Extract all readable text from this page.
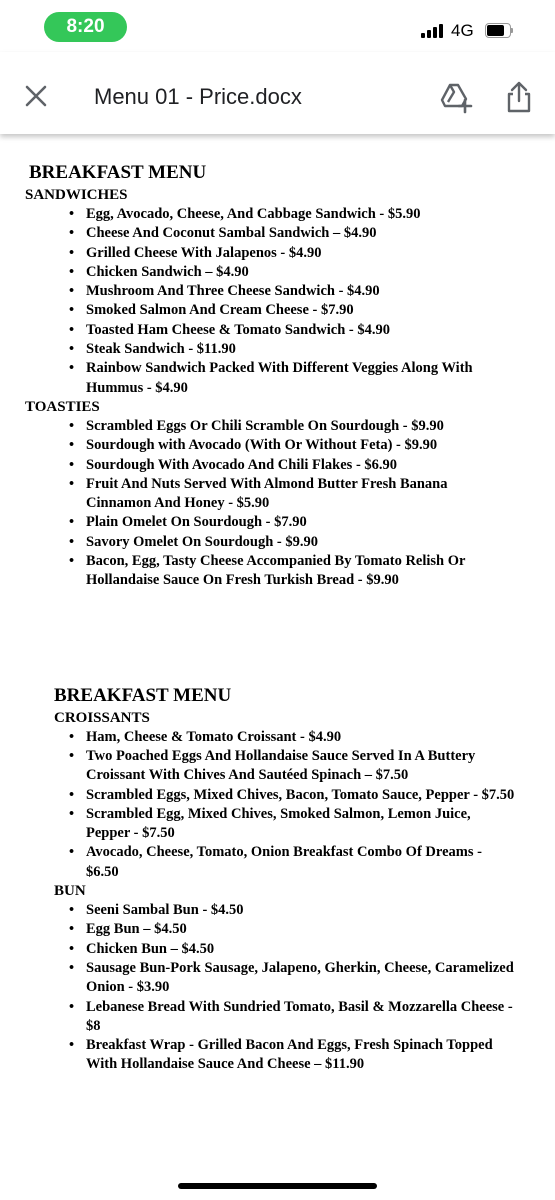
8:20	4G
Menu 01 - Price.docx
BREAKFAST MENU
SANDWICHES
• Egg, Avocado, Cheese, And Cabbage Sandwich - $5.90
• Cheese And Coconut Sambal Sandwich – $4.90
• Grilled Cheese With Jalapenos - $4.90
• Chicken Sandwich – $4.90
• Mushroom And Three Cheese Sandwich - $4.90
• Smoked Salmon And Cream Cheese - $7.90
• Toasted Ham Cheese & Tomato Sandwich - $4.90
• Steak Sandwich - $11.90
• Rainbow Sandwich Packed With Different Veggies Along With Hummus - $4.90
TOASTIES
• Scrambled Eggs Or Chili Scramble On Sourdough - $9.90
• Sourdough with Avocado (With Or Without Feta) - $9.90
• Sourdough With Avocado And Chili Flakes - $6.90
• Fruit And Nuts Served With Almond Butter Fresh Banana Cinnamon And Honey - $5.90
• Plain Omelet On Sourdough - $7.90
• Savory Omelet On Sourdough - $9.90
• Bacon, Egg, Tasty Cheese Accompanied By Tomato Relish Or Hollandaise Sauce On Fresh Turkish Bread - $9.90
BREAKFAST MENU
CROISSANTS
• Ham, Cheese & Tomato Croissant - $4.90
• Two Poached Eggs And Hollandaise Sauce Served In A Buttery Croissant With Chives And Sautéed Spinach – $7.50
• Scrambled Eggs, Mixed Chives, Bacon, Tomato Sauce, Pepper - $7.50
• Scrambled Egg, Mixed Chives, Smoked Salmon, Lemon Juice, Pepper - $7.50
• Avocado, Cheese, Tomato, Onion Breakfast Combo Of Dreams - $6.50
BUN
• Seeni Sambal Bun - $4.50
• Egg Bun – $4.50
• Chicken Bun – $4.50
• Sausage Bun-Pork Sausage, Jalapeno, Gherkin, Cheese, Caramelized Onion - $3.90
• Lebanese Bread With Sundried Tomato, Basil & Mozzarella Cheese - $8
• Breakfast Wrap - Grilled Bacon And Eggs, Fresh Spinach Topped With Hollandaise Sauce And Cheese – $11.90
